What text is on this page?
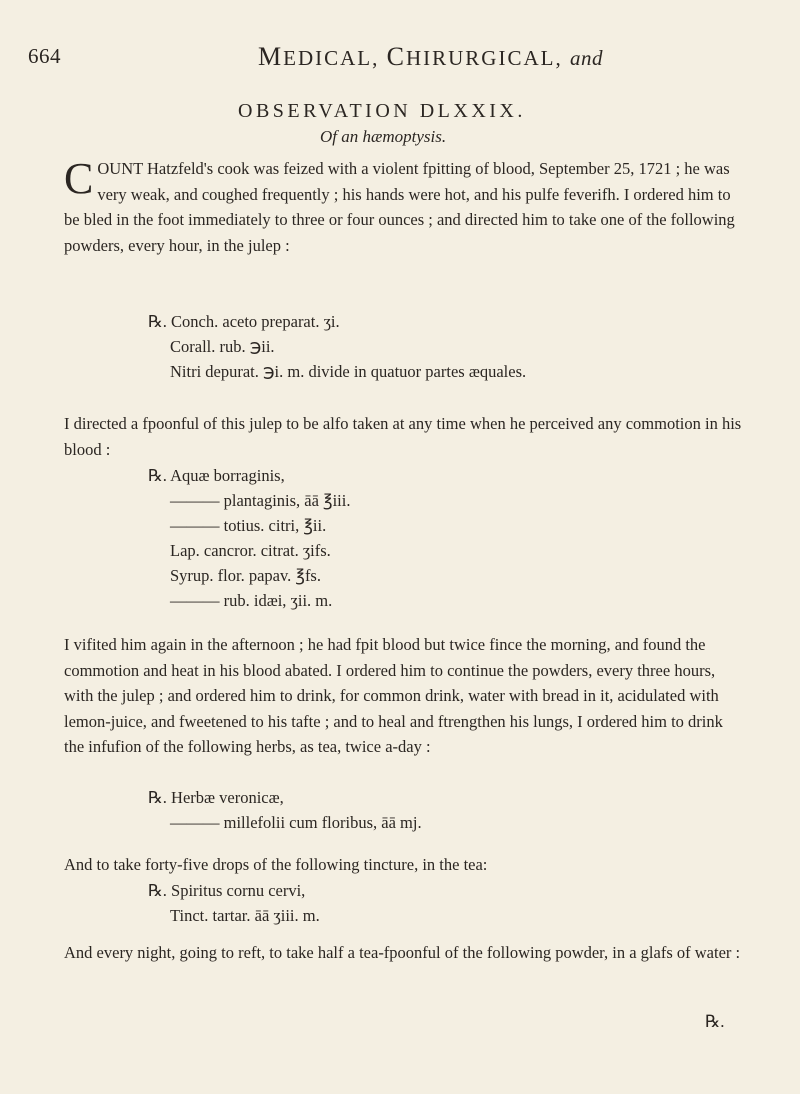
664	MEDICAL, CHIRURGICAL, and
OBSERVATION DLXXIX.
Of an hæmoptysis.
COUNT Hatzfeld's cook was feized with a violent fpitting of blood, September 25, 1721 ; he was very weak, and coughed frequently ; his hands were hot, and his pulfe feverifh. I ordered him to be bled in the foot immediately to three or four ounces ; and directed him to take one of the following powders, every hour, in the julep :
℞. Conch. aceto preparat. ʒi.
Corall. rub. ℈ii.
Nitri depurat. ℈i. m. divide in quatuor partes æquales.
I directed a fpoonful of this julep to be alfo taken at any time when he perceived any commotion in his blood :
℞. Aquæ borraginis,
——— plantaginis, āā ℥iii.
——— totius. citri, ℥ii.
Lap. cancror. citrat. ʒifs.
Syrup. flor. papav. ℥fs.
——— rub. idæi, ʒii. m.
I vifited him again in the afternoon ; he had fpit blood but twice fince the morning, and found the commotion and heat in his blood abated. I ordered him to continue the powders, every three hours, with the julep ; and ordered him to drink, for common drink, water with bread in it, acidulated with lemon-juice, and fweetened to his tafte ; and to heal and ftrengthen his lungs, I ordered him to drink the infufion of the following herbs, as tea, twice a-day :
℞. Herbæ veronicæ,
——— millefolii cum floribus, āā mj.
And to take forty-five drops of the following tincture, in the tea:
℞. Spiritus cornu cervi,
Tinct. tartar. āā ʒiii. m.
And every night, going to reft, to take half a tea-fpoonful of the following powder, in a glafs of water :
℞.
